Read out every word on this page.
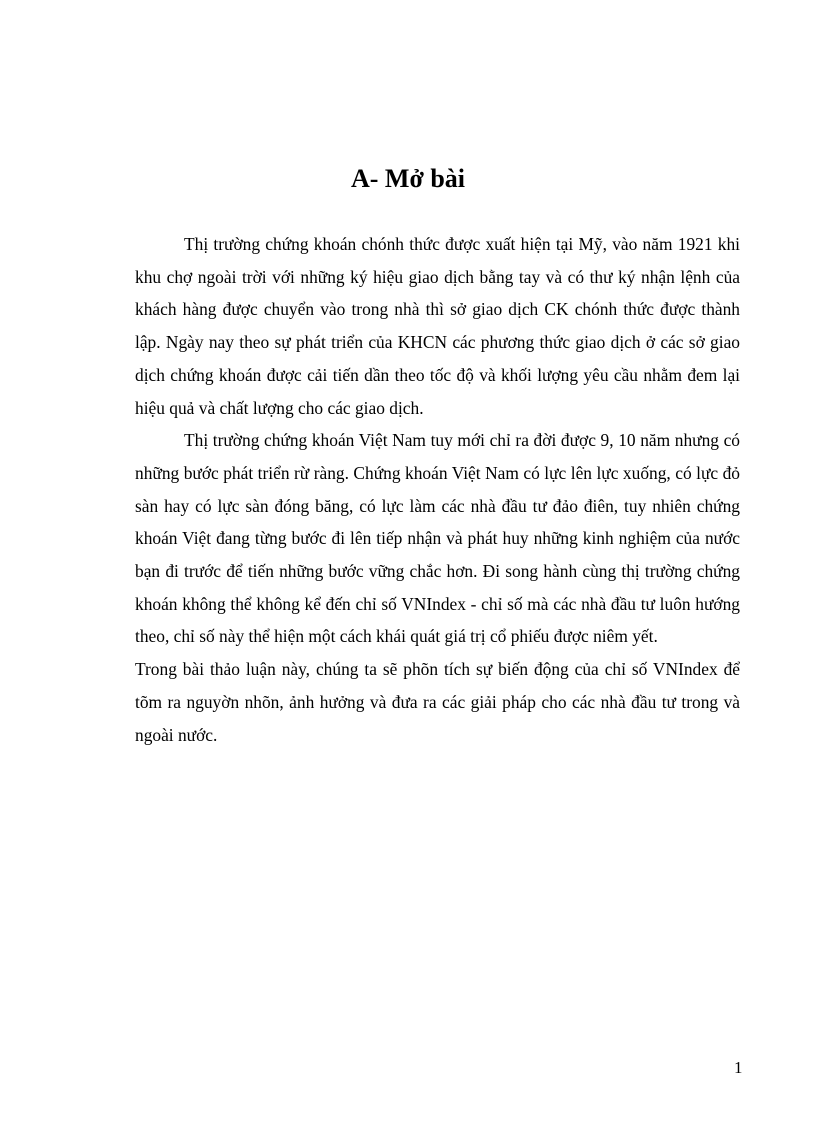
A- Mở bài

Thị trường chứng khoán chónh thức được xuất hiện tại Mỹ, vào năm 1921 khi khu chợ ngoài trời với những ký hiệu giao dịch bằng tay và có thư ký nhận lệnh của khách hàng được chuyển vào trong nhà thì sở giao dịch CK chónh thức được thành lập. Ngày nay theo sự phát triển của KHCN các phương thức giao dịch ở các sở giao dịch chứng khoán được cải tiến dần theo tốc độ và khối lượng yêu cầu nhằm đem lại hiệu quả và chất lượng cho các giao dịch.

Thị trường chứng khoán Việt Nam tuy mới chỉ ra đời được 9, 10 năm nhưng có những bước phát triển rừ ràng. Chứng khoán Việt Nam có lực lên lực xuống, có lực đỏ sàn hay có lực sàn đóng băng, có lực làm các nhà đầu tư đảo điên, tuy nhiên chứng khoán Việt đang từng bước đi lên tiếp nhận và phát huy những kinh nghiệm của nước bạn đi trước để tiến những bước vững chắc hơn. Đi song hành cùng thị trường chứng khoán không thể không kể đến chỉ số VNIndex - chỉ số mà các nhà đầu tư luôn hướng theo, chỉ số này thể hiện một cách khái quát giá trị cổ phiếu được niêm yết.

Trong bài thảo luận này, chúng ta sẽ phõn tích sự biến động của chỉ số VNIndex để tõm ra nguyờn nhõn, ảnh hưởng và đưa ra các giải pháp cho các nhà đầu tư trong và ngoài nước.

1
